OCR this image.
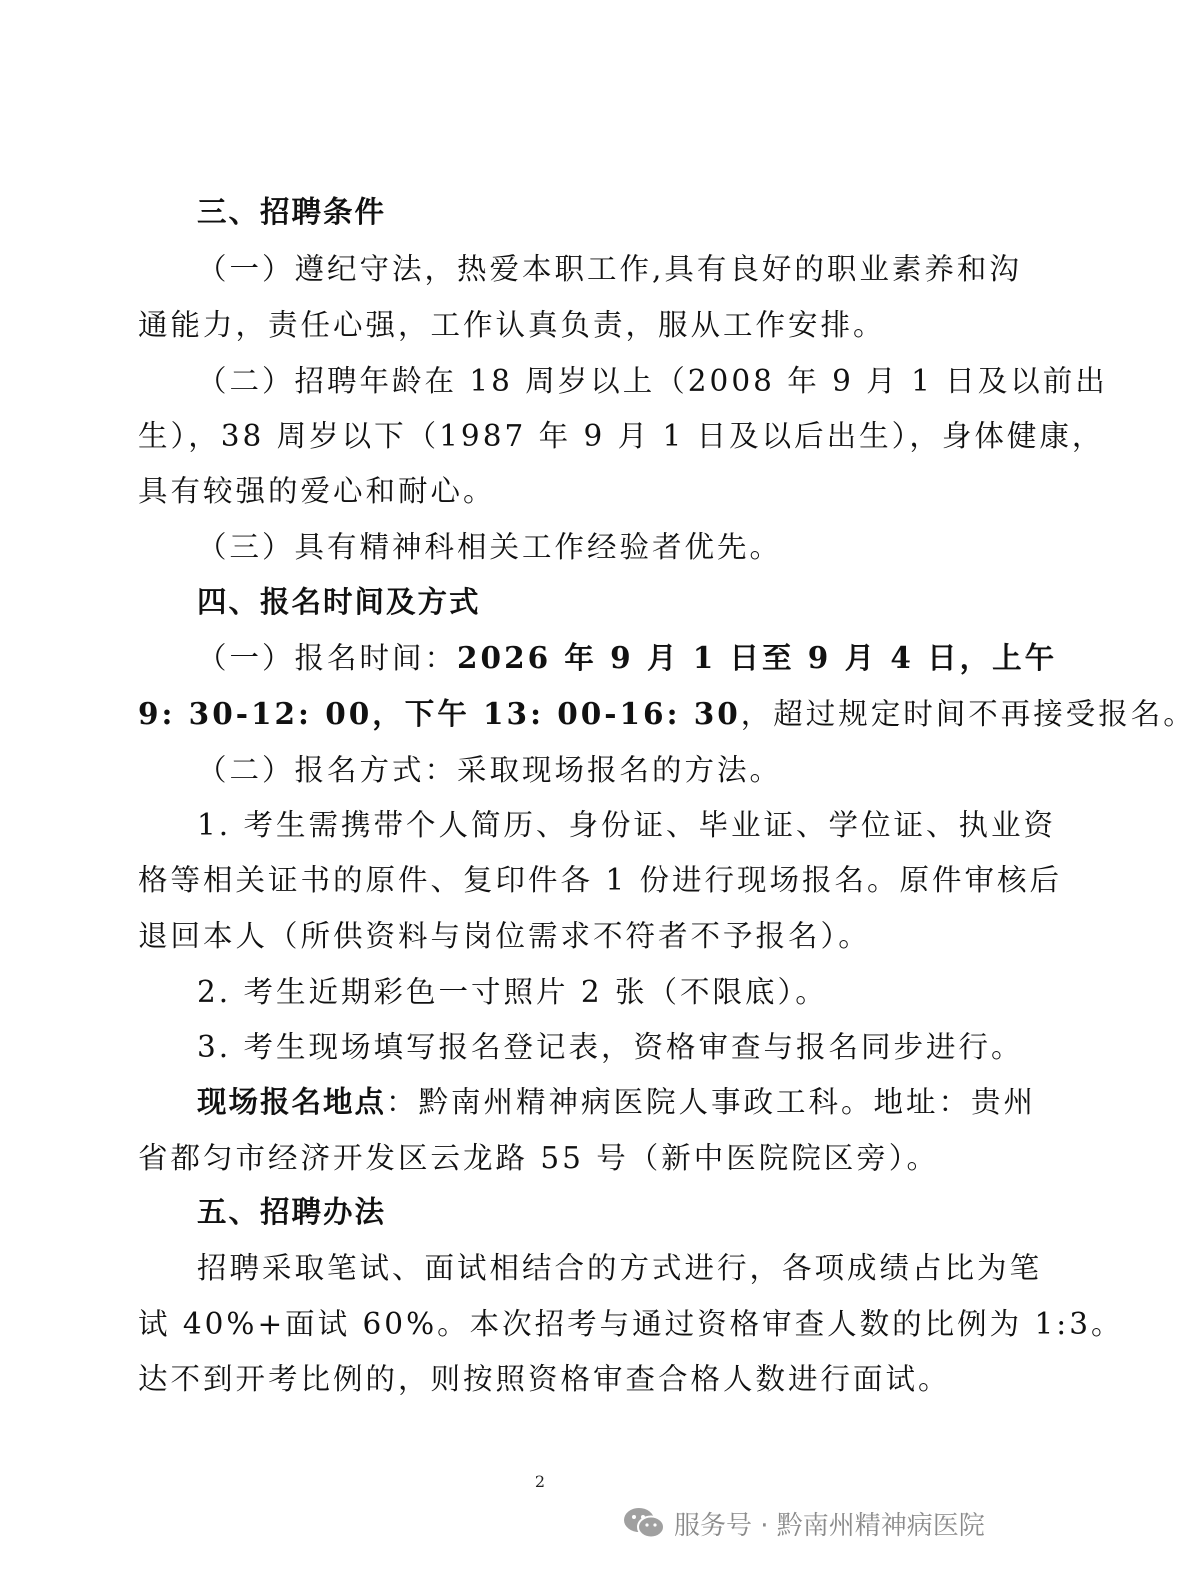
三、招聘条件

（一）遵纪守法，热爱本职工作,具有良好的职业素养和沟

通能力，责任心强，工作认真负责，服从工作安排。

（二）招聘年龄在 18 周岁以上（2008 年 9 月 1 日及以前出

生），38 周岁以下（1987 年 9 月 1 日及以后出生），身体健康，

具有较强的爱心和耐心。

（三）具有精神科相关工作经验者优先。

四、报名时间及方式

（一）报名时间：2026 年 9 月 1 日至 9 月 4 日，上午

9: 30-12: 00，下午 13: 00-16: 30，超过规定时间不再接受报名。

（二）报名方式：采取现场报名的方法。

1. 考生需携带个人简历、身份证、毕业证、学位证、执业资

格等相关证书的原件、复印件各 1 份进行现场报名。原件审核后

退回本人（所供资料与岗位需求不符者不予报名）。

2. 考生近期彩色一寸照片 2 张（不限底）。

3. 考生现场填写报名登记表，资格审查与报名同步进行。

现场报名地点：黔南州精神病医院人事政工科。地址：贵州

省都匀市经济开发区云龙路 55 号（新中医院院区旁）。

五、招聘办法

招聘采取笔试、面试相结合的方式进行，各项成绩占比为笔

试 40%+面试 60%。本次招考与通过资格审查人数的比例为 1:3。

达不到开考比例的，则按照资格审查合格人数进行面试。

2
服务号 · 黔南州精神病医院
